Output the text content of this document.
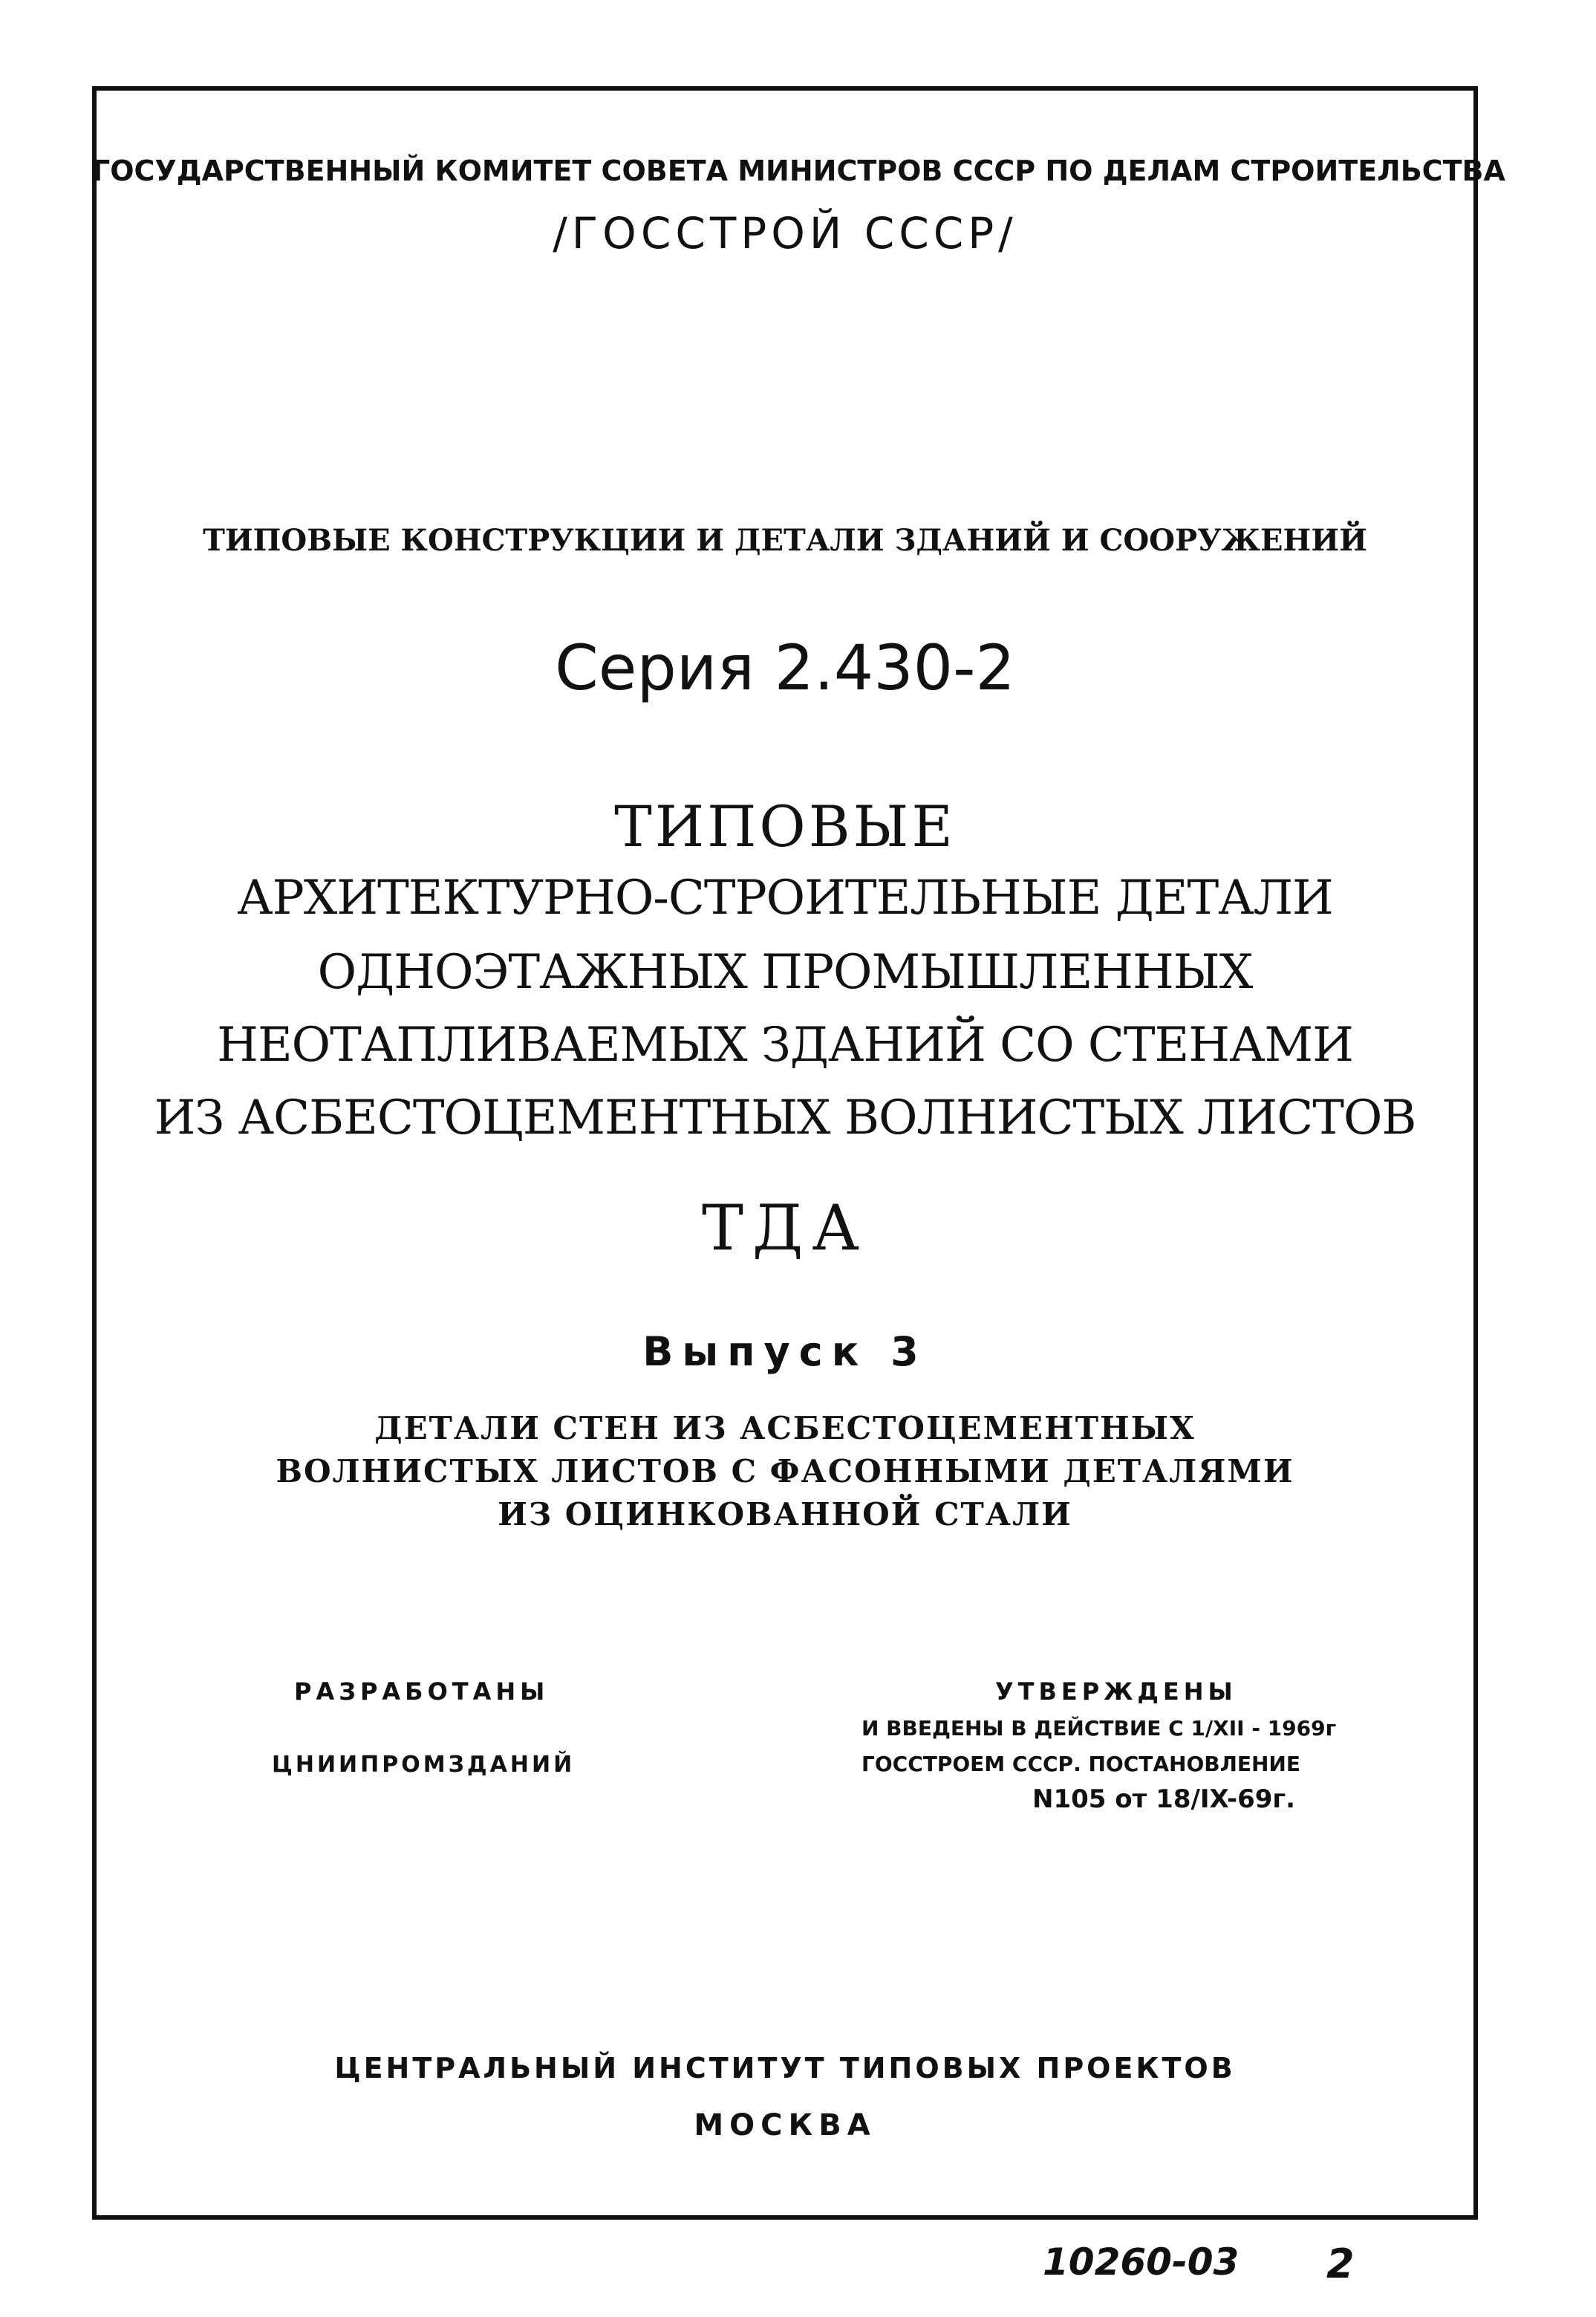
ГОСУДАРСТВЕННЫЙ КОМИТЕТ СОВЕТА МИНИСТРОВ СССР ПО ДЕЛАМ СТРОИТЕЛЬСТВА
/ГОССТРОЙ СССР/
ТИПОВЫЕ КОНСТРУКЦИИ И ДЕТАЛИ ЗДАНИЙ И СООРУЖЕНИЙ
Серия 2.430-2
ТИПОВЫЕ
АРХИТЕКТУРНО-СТРОИТЕЛЬНЫЕ ДЕТАЛИ
ОДНОЭТАЖНЫХ ПРОМЫШЛЕННЫХ
НЕОТАПЛИВАЕМЫХ ЗДАНИЙ СО СТЕНАМИ
ИЗ АСБЕСТОЦЕМЕНТНЫХ ВОЛНИСТЫХ ЛИСТОВ
ТДА
Выпуск 3
ДЕТАЛИ СТЕН ИЗ АСБЕСТОЦЕМЕНТНЫХ
ВОЛНИСТЫХ ЛИСТОВ С ФАСОННЫМИ ДЕТАЛЯМИ
ИЗ ОЦИНКОВАННОЙ СТАЛИ
РАЗРАБОТАНЫ
ЦНИИПРОМЗДАНИЙ
УТВЕРЖДЕНЫ
И ВВЕДЕНЫ В ДЕЙСТВИЕ С 1/XII - 1969г
ГОССТРОЕМ СССР. ПОСТАНОВЛЕНИЕ
N105 от 18/IX-69г.
ЦЕНТРАЛЬНЫЙ ИНСТИТУТ ТИПОВЫХ ПРОЕКТОВ
МОСКВА
10260-03 2
